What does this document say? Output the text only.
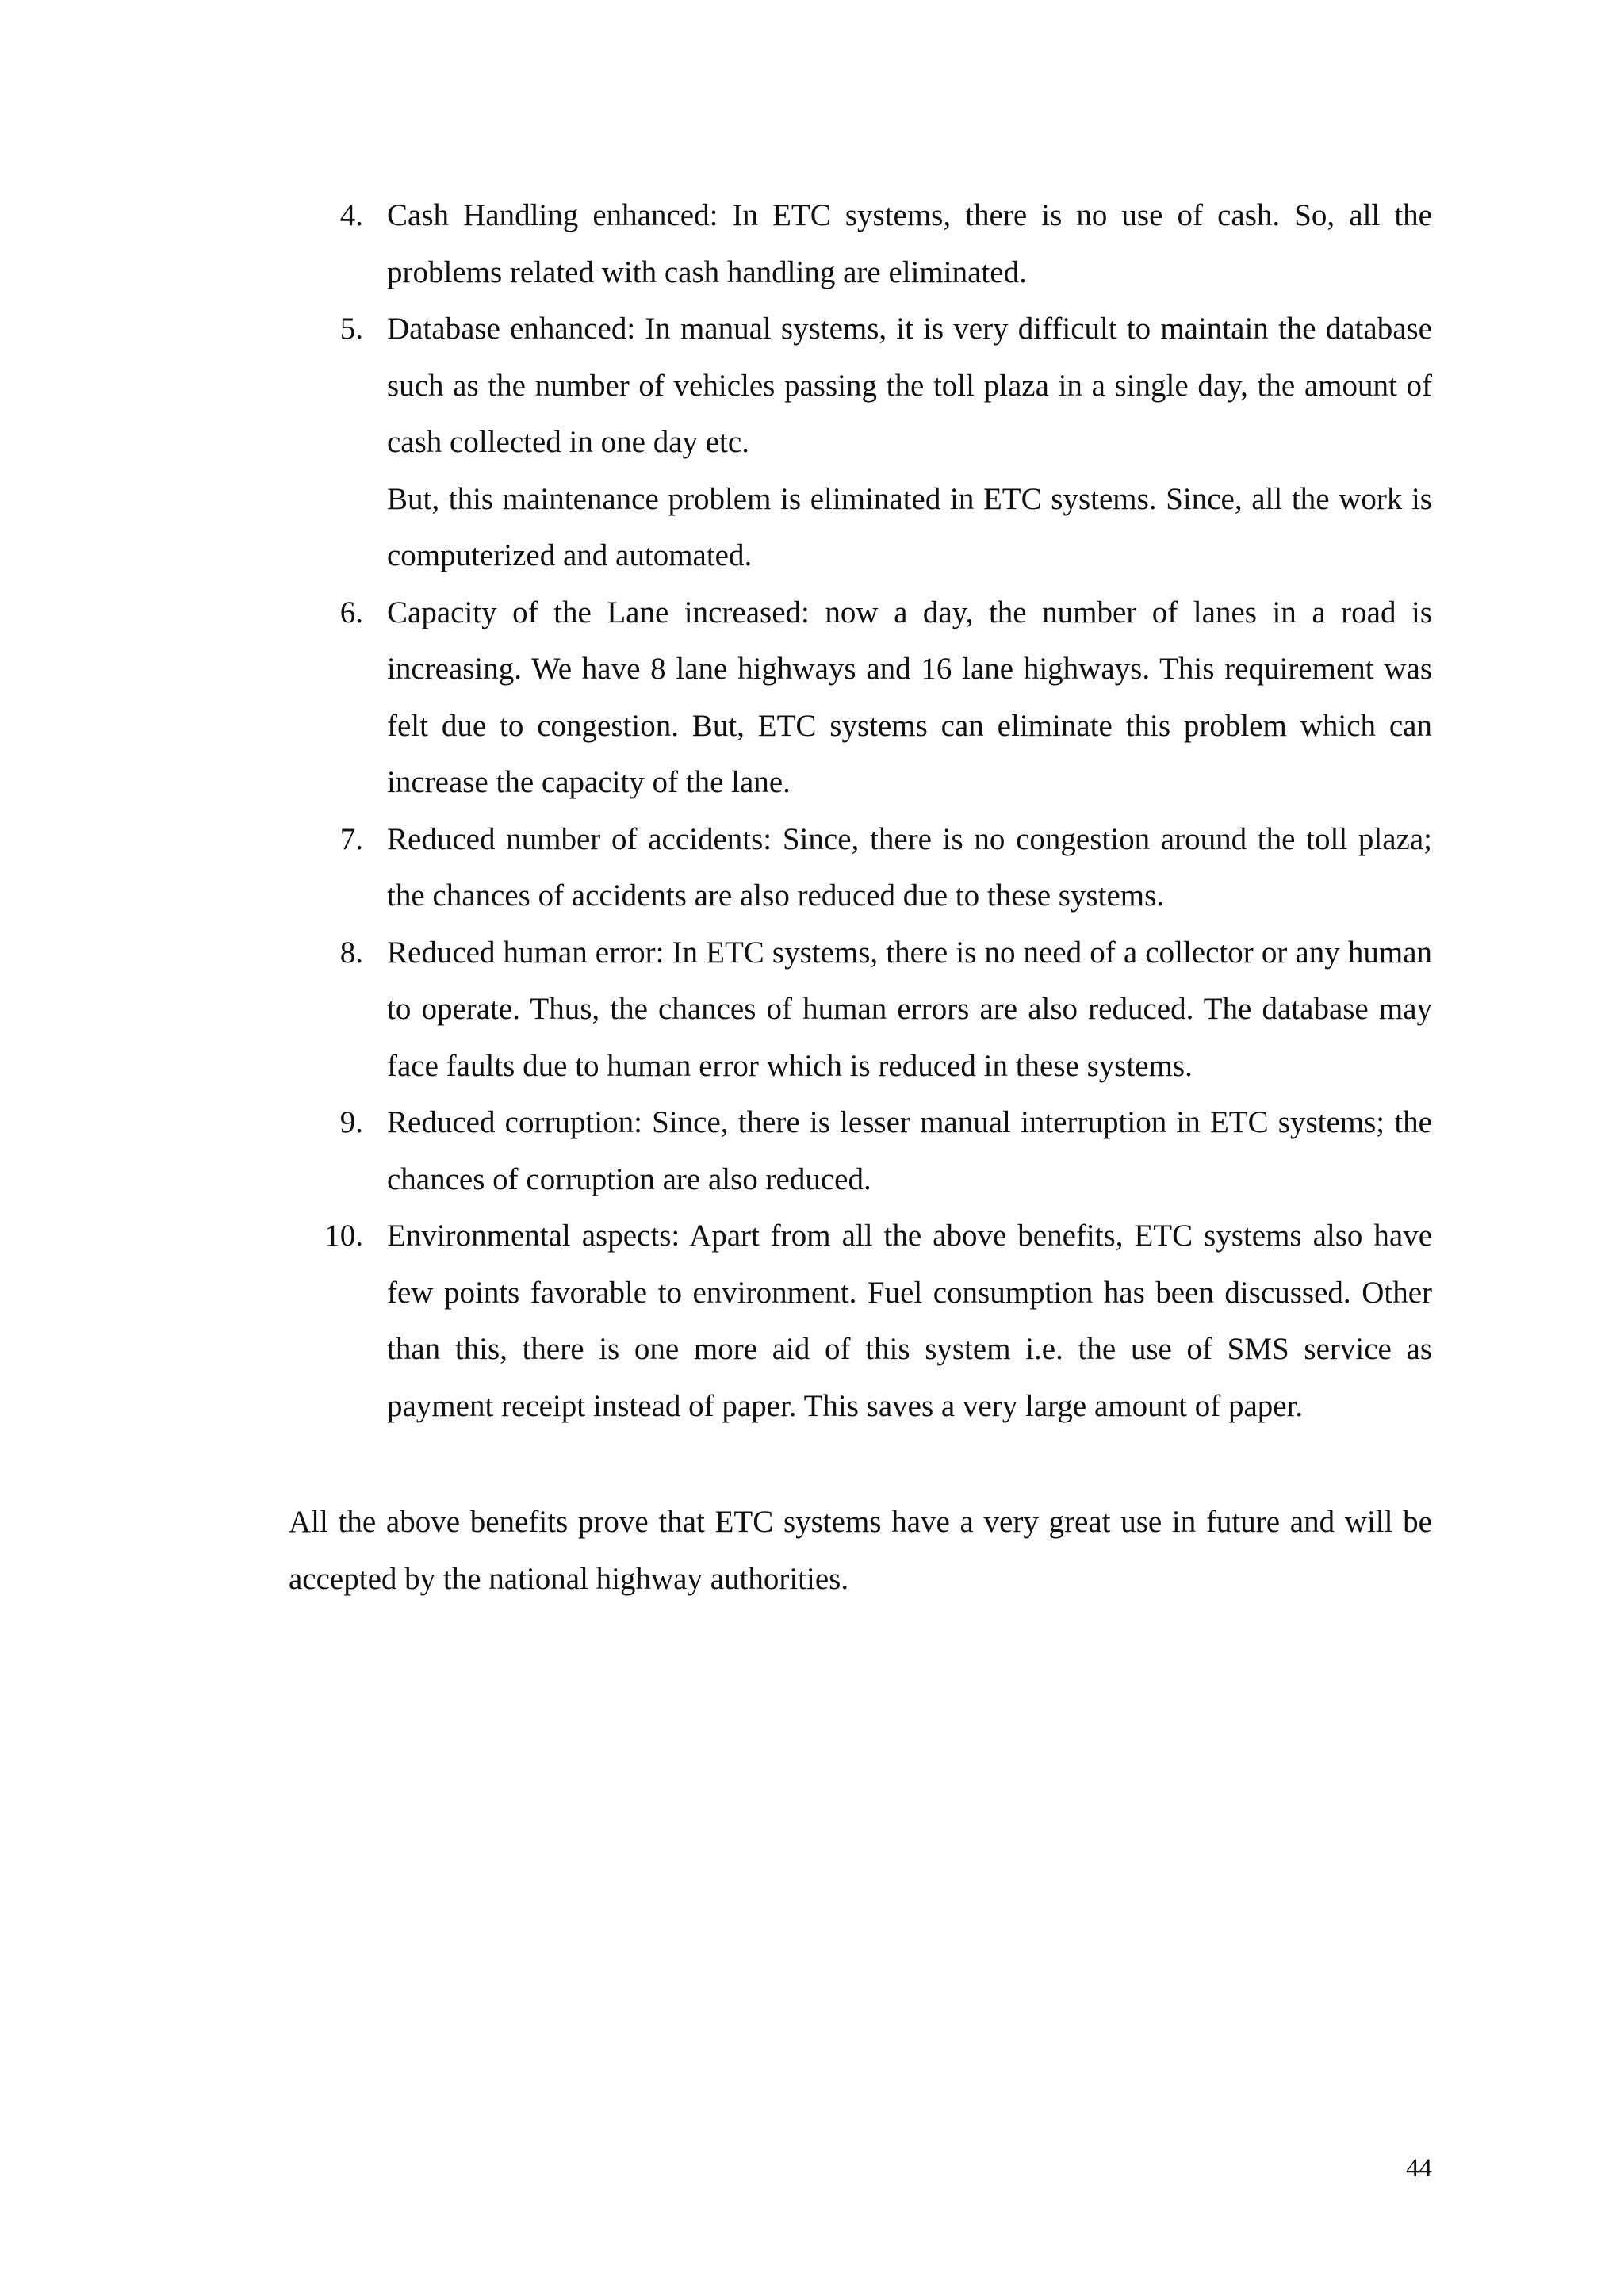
4. Cash Handling enhanced: In ETC systems, there is no use of cash. So, all the problems related with cash handling are eliminated.

5. Database enhanced: In manual systems, it is very difficult to maintain the database such as the number of vehicles passing the toll plaza in a single day, the amount of cash collected in one day etc.

But, this maintenance problem is eliminated in ETC systems. Since, all the work is computerized and automated.

6. Capacity of the Lane increased: now a day, the number of lanes in a road is increasing. We have 8 lane highways and 16 lane highways. This requirement was felt due to congestion. But, ETC systems can eliminate this problem which can increase the capacity of the lane.

7. Reduced number of accidents: Since, there is no congestion around the toll plaza; the chances of accidents are also reduced due to these systems.

8. Reduced human error: In ETC systems, there is no need of a collector or any human to operate. Thus, the chances of human errors are also reduced. The database may face faults due to human error which is reduced in these systems.

9. Reduced corruption: Since, there is lesser manual interruption in ETC systems; the chances of corruption are also reduced.

10. Environmental aspects: Apart from all the above benefits, ETC systems also have few points favorable to environment. Fuel consumption has been discussed. Other than this, there is one more aid of this system i.e. the use of SMS service as payment receipt instead of paper. This saves a very large amount of paper.

All the above benefits prove that ETC systems have a very great use in future and will be accepted by the national highway authorities.

44
